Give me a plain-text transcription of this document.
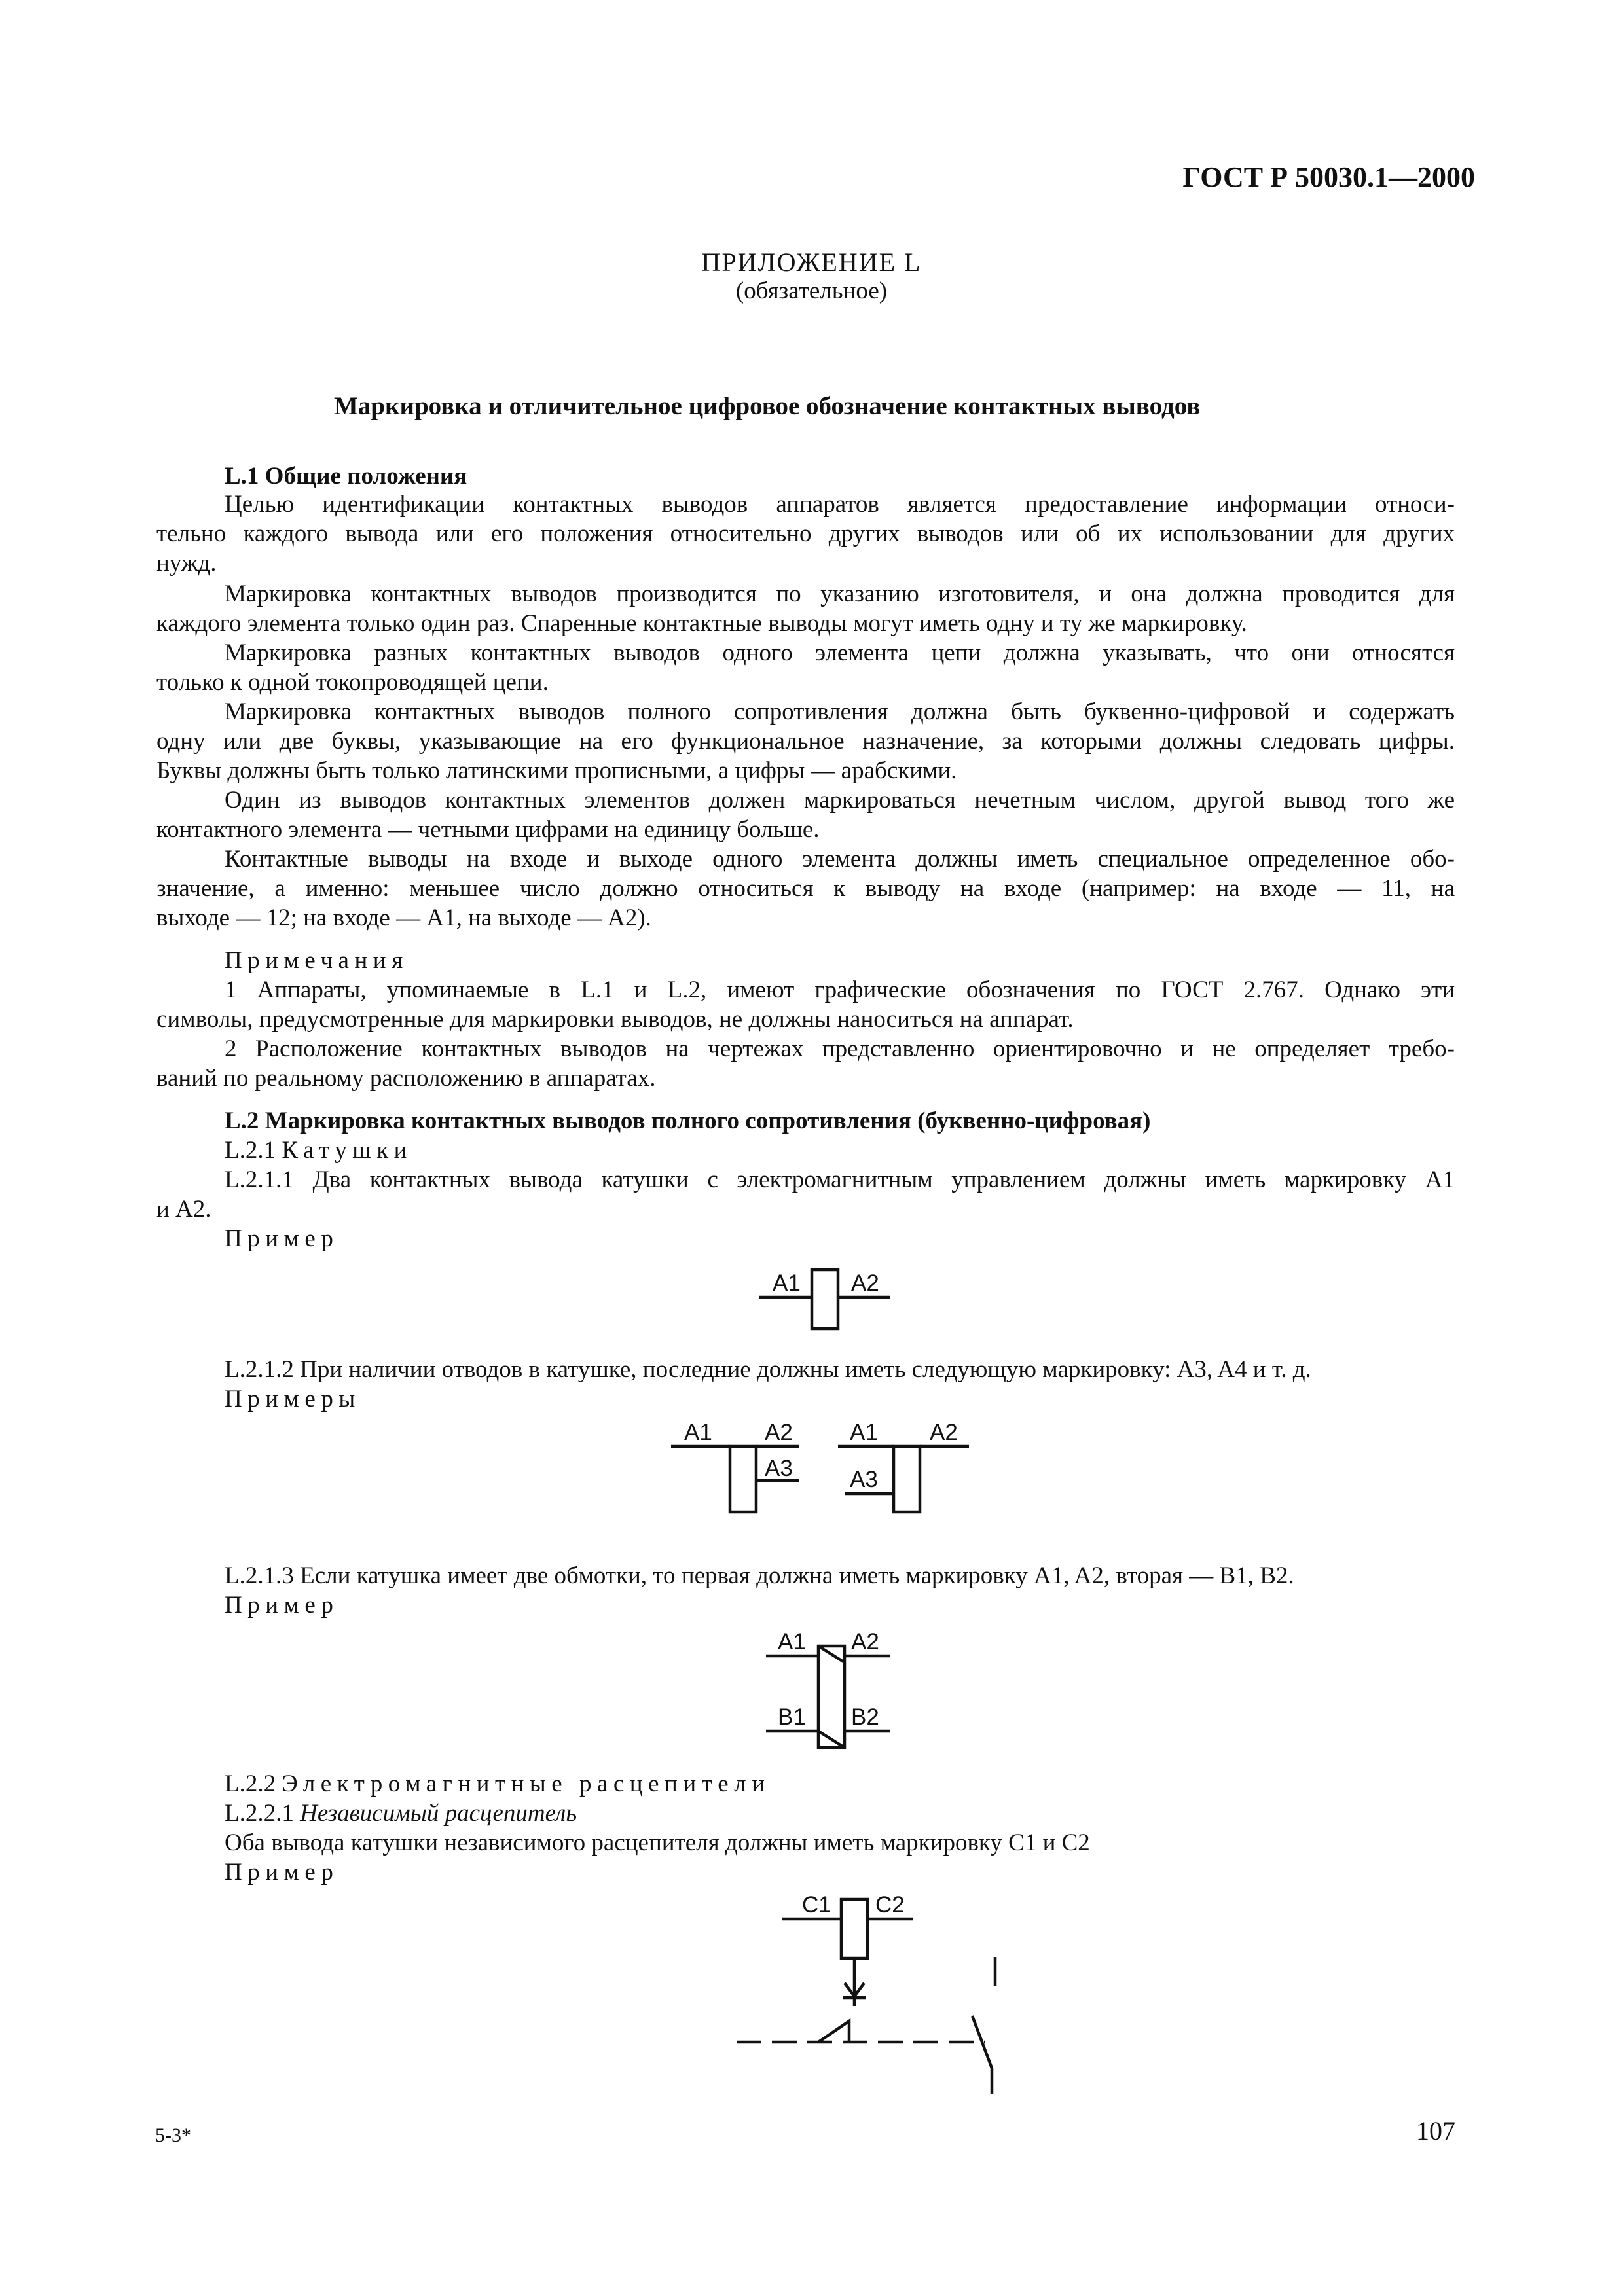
ГОСТ Р 50030.1—2000
ПРИЛОЖЕНИЕ L
(обязательное)
Маркировка и отличительное цифровое обозначение контактных выводов
L.1 Общие положения
Целью идентификации контактных выводов аппаратов является предоставление информации относи-
тельно каждого вывода или его положения относительно других выводов или об их использовании для других
нужд.
Маркировка контактных выводов производится по указанию изготовителя, и она должна проводится для
каждого элемента только один раз. Спаренные контактные выводы могут иметь одну и ту же маркировку.
Маркировка разных контактных выводов одного элемента цепи должна указывать, что они относятся
только к одной токопроводящей цепи.
Маркировка контактных выводов полного сопротивления должна быть буквенно-цифровой и содержать
одну или две буквы, указывающие на его функциональное назначение, за которыми должны следовать цифры.
Буквы должны быть только латинскими прописными, а цифры — арабскими.
Один из выводов контактных элементов должен маркироваться нечетным числом, другой вывод того же
контактного элемента — четными цифрами на единицу больше.
Контактные выводы на входе и выходе одного элемента должны иметь специальное определенное обо-
значение, а именно: меньшее число должно относиться к выводу на входе (например: на входе — 11, на
выходе — 12; на входе — A1, на выходе — A2).
Примечания
1 Аппараты, упоминаемые в L.1 и L.2, имеют графические обозначения по ГОСТ 2.767. Однако эти
символы, предусмотренные для маркировки выводов, не должны наноситься на аппарат.
2 Расположение контактных выводов на чертежах представленно ориентировочно и не определяет требо-
ваний по реальному расположению в аппаратах.
L.2 Маркировка контактных выводов полного сопротивления (буквенно-цифровая)
L.2.1 Катушки
L.2.1.1 Два контактных вывода катушки с электромагнитным управлением должны иметь маркировку A1
и A2.
Пример
A1 A2
L.2.1.2 При наличии отводов в катушке, последние должны иметь следующую маркировку: A3, A4 и т. д.
Примеры
A1 A2
A3
A1 A2
A3
L.2.1.3 Если катушка имеет две обмотки, то первая должна иметь маркировку A1, A2, вторая — B1, B2.
Пример
A1 A2
B1 B2
L.2.2 Электромагнитные расцепители
L.2.2.1 Независимый расцепитель
Оба вывода катушки независимого расцепителя должны иметь маркировку C1 и C2
Пример
C1 C2
5-3*	107
